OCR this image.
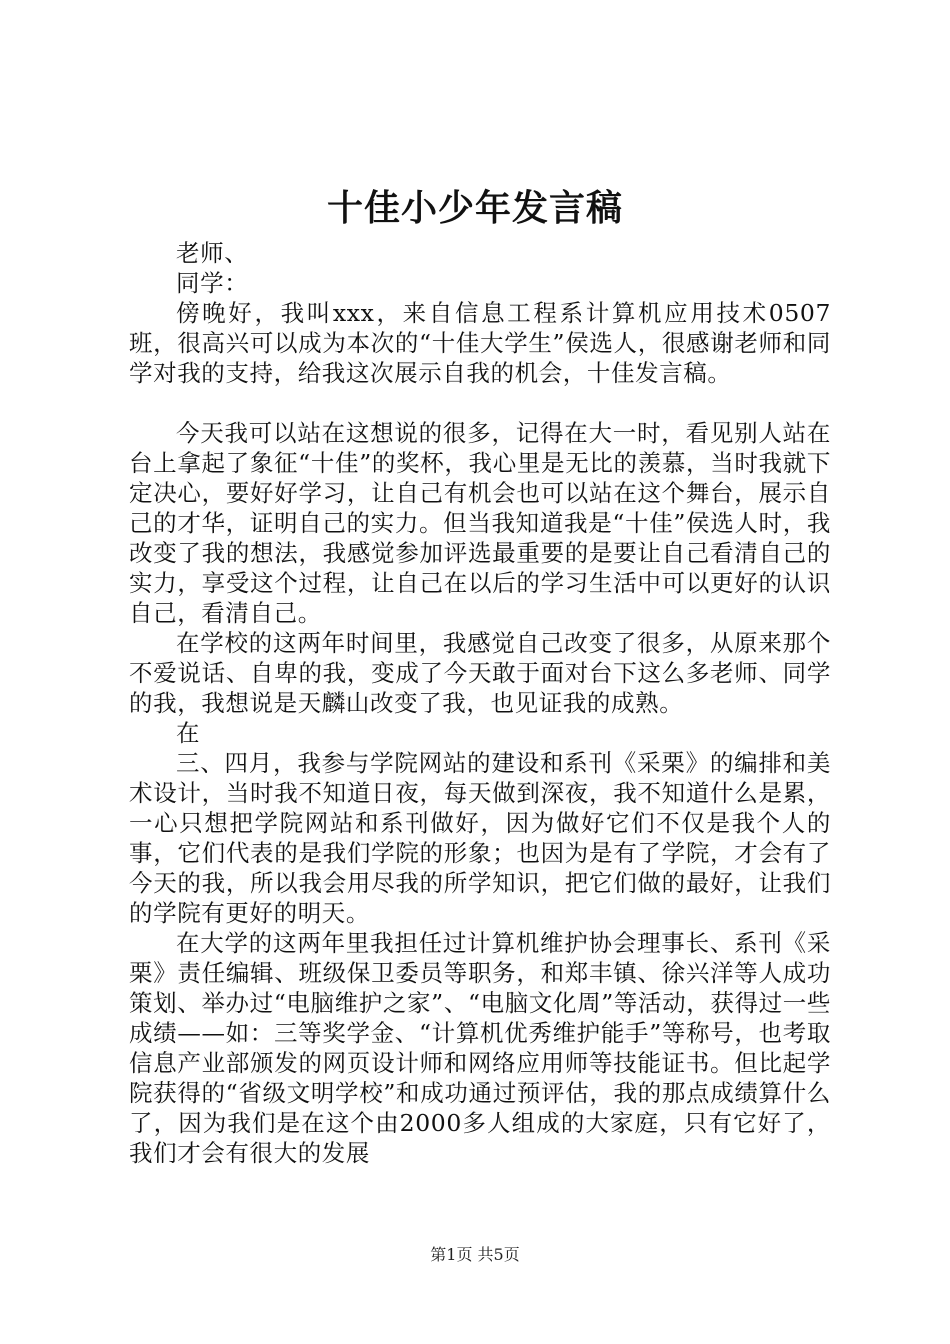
十佳小少年发言稿

老师、

同学：

傍晚好，我叫xxx，来自信息工程系计算机应用技术0507班，很高兴可以成为本次的“十佳大学生”侯选人，很感谢老师和同学对我的支持，给我这次展示自我的机会，十佳发言稿。

今天我可以站在这想说的很多，记得在大一时，看见别人站在台上拿起了象征“十佳”的奖杯，我心里是无比的羡慕，当时我就下定决心，要好好学习，让自己有机会也可以站在这个舞台，展示自己的才华，证明自己的实力。但当我知道我是“十佳”侯选人时，我改变了我的想法，我感觉参加评选最重要的是要让自己看清自己的实力，享受这个过程，让自己在以后的学习生活中可以更好的认识自己，看清自己。

在学校的这两年时间里，我感觉自己改变了很多，从原来那个不爱说话、自卑的我，变成了今天敢于面对台下这么多老师、同学的我，我想说是天麟山改变了我，也见证我的成熟。

在

三、四月，我参与学院网站的建设和系刊《采栗》的编排和美术设计，当时我不知道日夜，每天做到深夜，我不知道什么是累，一心只想把学院网站和系刊做好，因为做好它们不仅是我个人的事，它们代表的是我们学院的形象；也因为是有了学院，才会有了今天的我，所以我会用尽我的所学知识，把它们做的最好，让我们的学院有更好的明天。

在大学的这两年里我担任过计算机维护协会理事长、系刊《采栗》责任编辑、班级保卫委员等职务，和郑丰镇、徐兴洋等人成功策划、举办过“电脑维护之家”、“电脑文化周”等活动，获得过一些成绩——如：三等奖学金、“计算机优秀维护能手”等称号，也考取信息产业部颁发的网页设计师和网络应用师等技能证书。但比起学院获得的“省级文明学校”和成功通过预评估，我的那点成绩算什么了，因为我们是在这个由2000多人组成的大家庭，只有它好了，我们才会有很大的发展

第1页 共5页
